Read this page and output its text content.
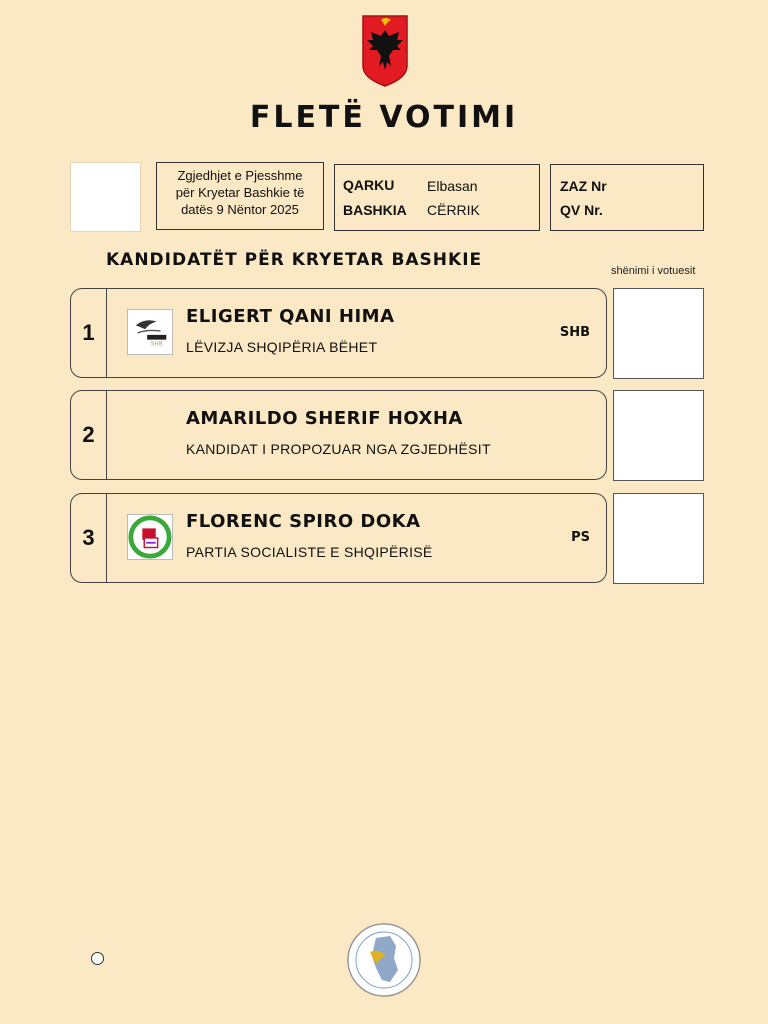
FLETË VOTIMI
Zgjedhjet e Pjesshme
për Kryetar Bashkie të
datës 9 Nëntor 2025
QARKU Elbasan
BASHKIA CËRRIK
ZAZ Nr
QV Nr.
KANDIDATËT PËR KRYETAR BASHKIE
shënimi i votuesit
1	SHB
ELIGERT QANI HIMA
LËVIZJA SHQIPËRIA BËHET
SHB
2
AMARILDO SHERIF HOXHA
KANDIDAT I PROPOZUAR NGA ZGJEDHËSIT
3
FLORENC SPIRO DOKA
PARTIA SOCIALISTE E SHQIPËRISË
PS
